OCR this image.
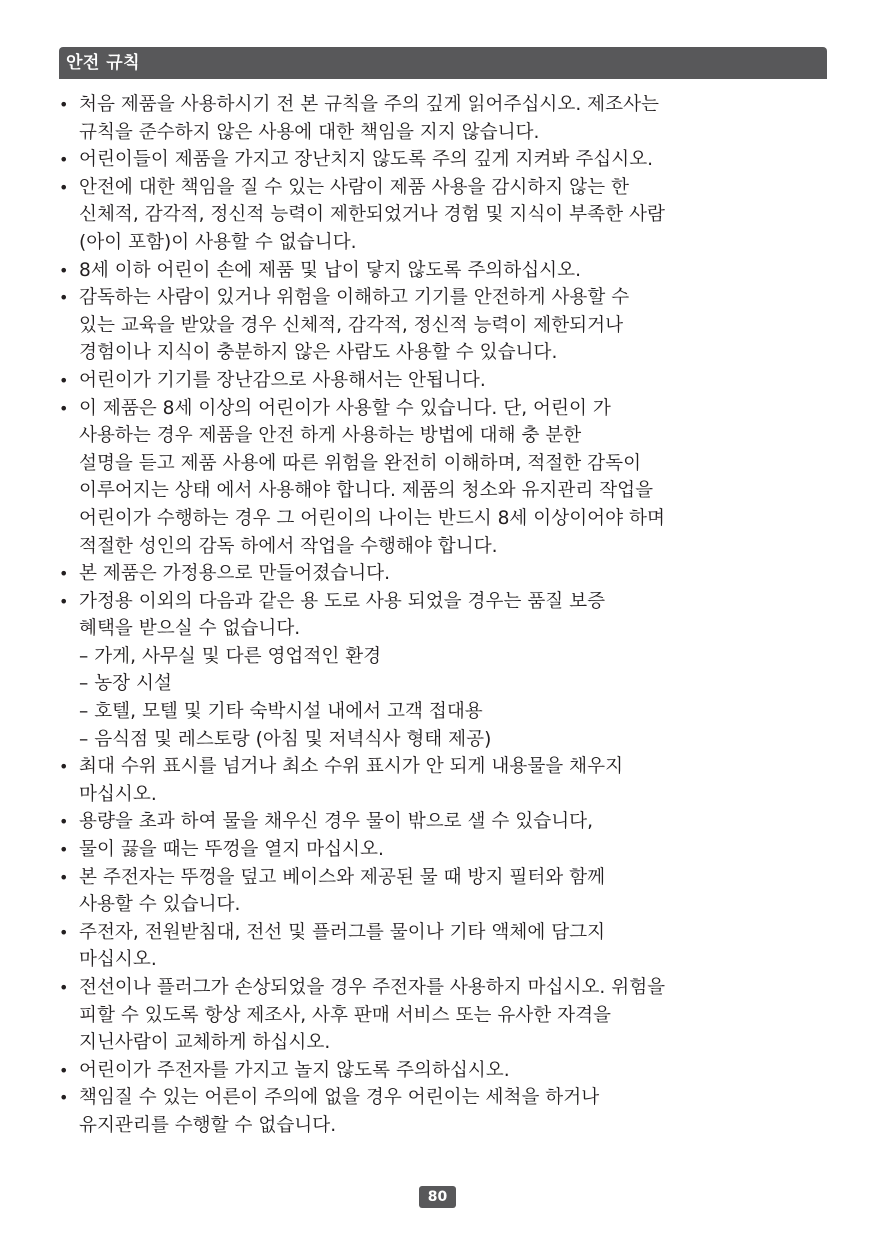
안전 규칙
• 처음 제품을 사용하시기 전 본 규칙을 주의 깊게 읽어주십시오. 제조사는
규칙을 준수하지 않은 사용에 대한 책임을 지지 않습니다.
• 어린이들이 제품을 가지고 장난치지 않도록 주의 깊게 지켜봐 주십시오.
• 안전에 대한 책임을 질 수 있는 사람이 제품 사용을 감시하지 않는 한
신체적, 감각적, 정신적 능력이 제한되었거나 경험 및 지식이 부족한 사람
(아이 포함)이 사용할 수 없습니다.
• 8세 이하 어린이 손에 제품 및 납이 닿지 않도록 주의하십시오.
• 감독하는 사람이 있거나 위험을 이해하고 기기를 안전하게 사용할 수
있는 교육을 받았을 경우 신체적, 감각적, 정신적 능력이 제한되거나
경험이나 지식이 충분하지 않은 사람도 사용할 수 있습니다.
• 어린이가 기기를 장난감으로 사용해서는 안됩니다.
• 이 제품은 8세 이상의 어린이가 사용할 수 있습니다. 단, 어린이 가
사용하는 경우 제품을 안전 하게 사용하는 방법에 대해 충 분한
설명을 듣고 제품 사용에 따른 위험을 완전히 이해하며, 적절한 감독이
이루어지는 상태 에서 사용해야 합니다. 제품의 청소와 유지관리 작업을
어린이가 수행하는 경우 그 어린이의 나이는 반드시 8세 이상이어야 하며
적절한 성인의 감독 하에서 작업을 수행해야 합니다.
• 본 제품은 가정용으로 만들어졌습니다.
• 가정용 이외의 다음과 같은 용 도로 사용 되었을 경우는 품질 보증
혜택을 받으실 수 없습니다.
– 가게, 사무실 및 다른 영업적인 환경
– 농장 시설
– 호텔, 모텔 및 기타 숙박시설 내에서 고객 접대용
– 음식점 및 레스토랑 (아침 및 저녁식사 형태 제공)
• 최대 수위 표시를 넘거나 최소 수위 표시가 안 되게 내용물을 채우지
마십시오.
• 용량을 초과 하여 물을 채우신 경우 물이 밖으로 샐 수 있습니다,
• 물이 끓을 때는 뚜껑을 열지 마십시오.
• 본 주전자는 뚜껑을 덮고 베이스와 제공된 물 때 방지 필터와 함께
사용할 수 있습니다.
• 주전자, 전원받침대, 전선 및 플러그를 물이나 기타 액체에 담그지
마십시오.
• 전선이나 플러그가 손상되었을 경우 주전자를 사용하지 마십시오. 위험을
피할 수 있도록 항상 제조사, 사후 판매 서비스 또는 유사한 자격을
지닌사람이 교체하게 하십시오.
• 어린이가 주전자를 가지고 놀지 않도록 주의하십시오.
• 책임질 수 있는 어른이 주의에 없을 경우 어린이는 세척을 하거나
유지관리를 수행할 수 없습니다.
80
